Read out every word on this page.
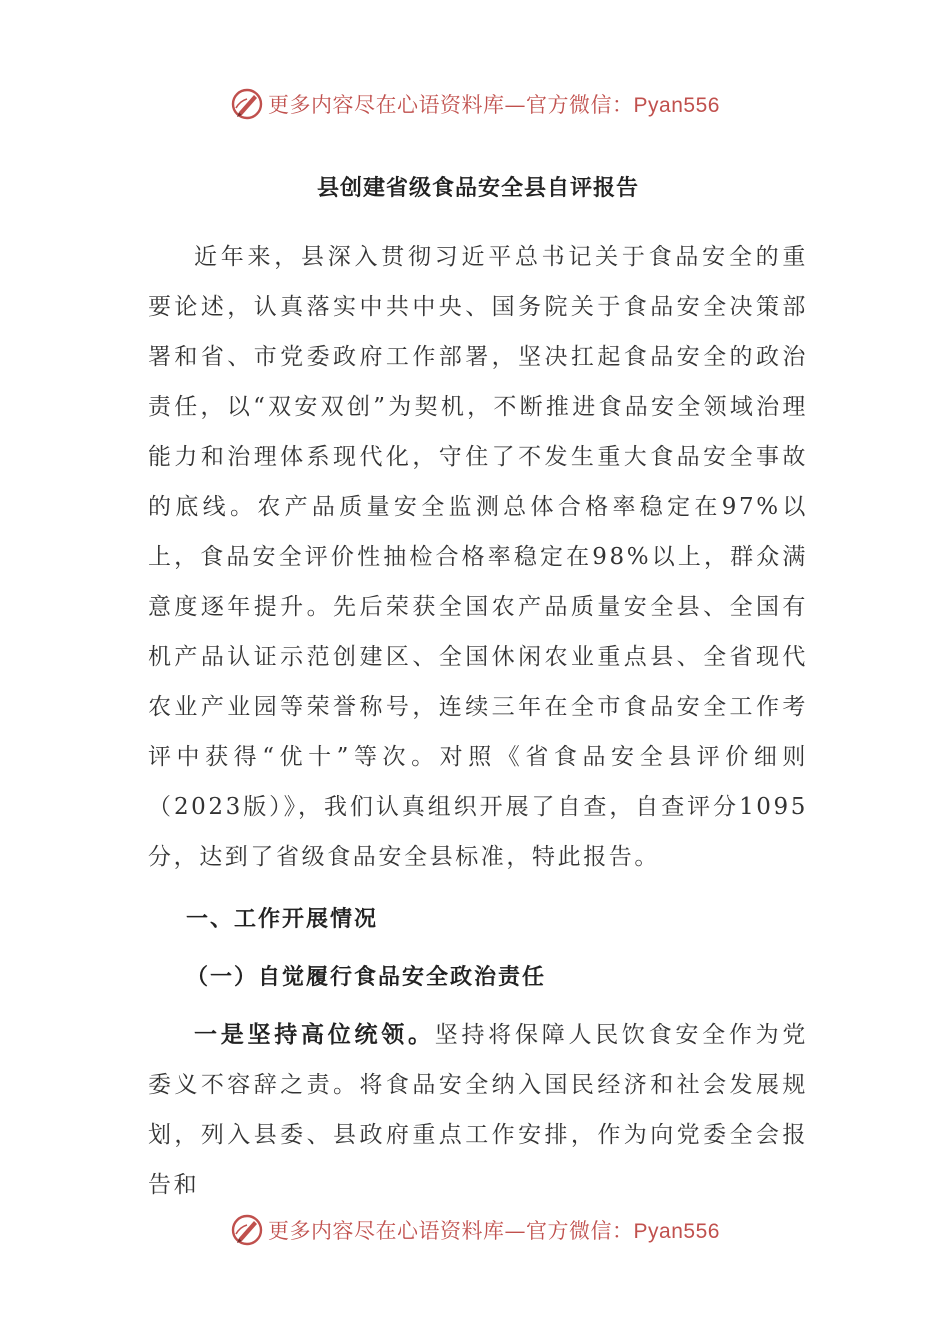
更多内容尽在心语资料库—官方微信：Pyan556
县创建省级食品安全县自评报告

近年来，县深入贯彻习近平总书记关于食品安全的重要论述，认真落实中共中央、国务院关于食品安全决策部署和省、市党委政府工作部署，坚决扛起食品安全的政治责任，以“双安双创”为契机，不断推进食品安全领域治理能力和治理体系现代化，守住了不发生重大食品安全事故的底线。农产品质量安全监测总体合格率稳定在97%以上，食品安全评价性抽检合格率稳定在98%以上，群众满意度逐年提升。先后荣获全国农产品质量安全县、全国有机产品认证示范创建区、全国休闲农业重点县、全省现代农业产业园等荣誉称号，连续三年在全市食品安全工作考评中获得“优十”等次。对照《省食品安全县评价细则（2023版）》，我们认真组织开展了自查，自查评分1095分，达到了省级食品安全县标准，特此报告。

一、工作开展情况

（一）自觉履行食品安全政治责任

一是坚持高位统领。坚持将保障人民饮食安全作为党委义不容辞之责。将食品安全纳入国民经济和社会发展规划，列入县委、县政府重点工作安排，作为向党委全会报告和

更多内容尽在心语资料库—官方微信：Pyan556
